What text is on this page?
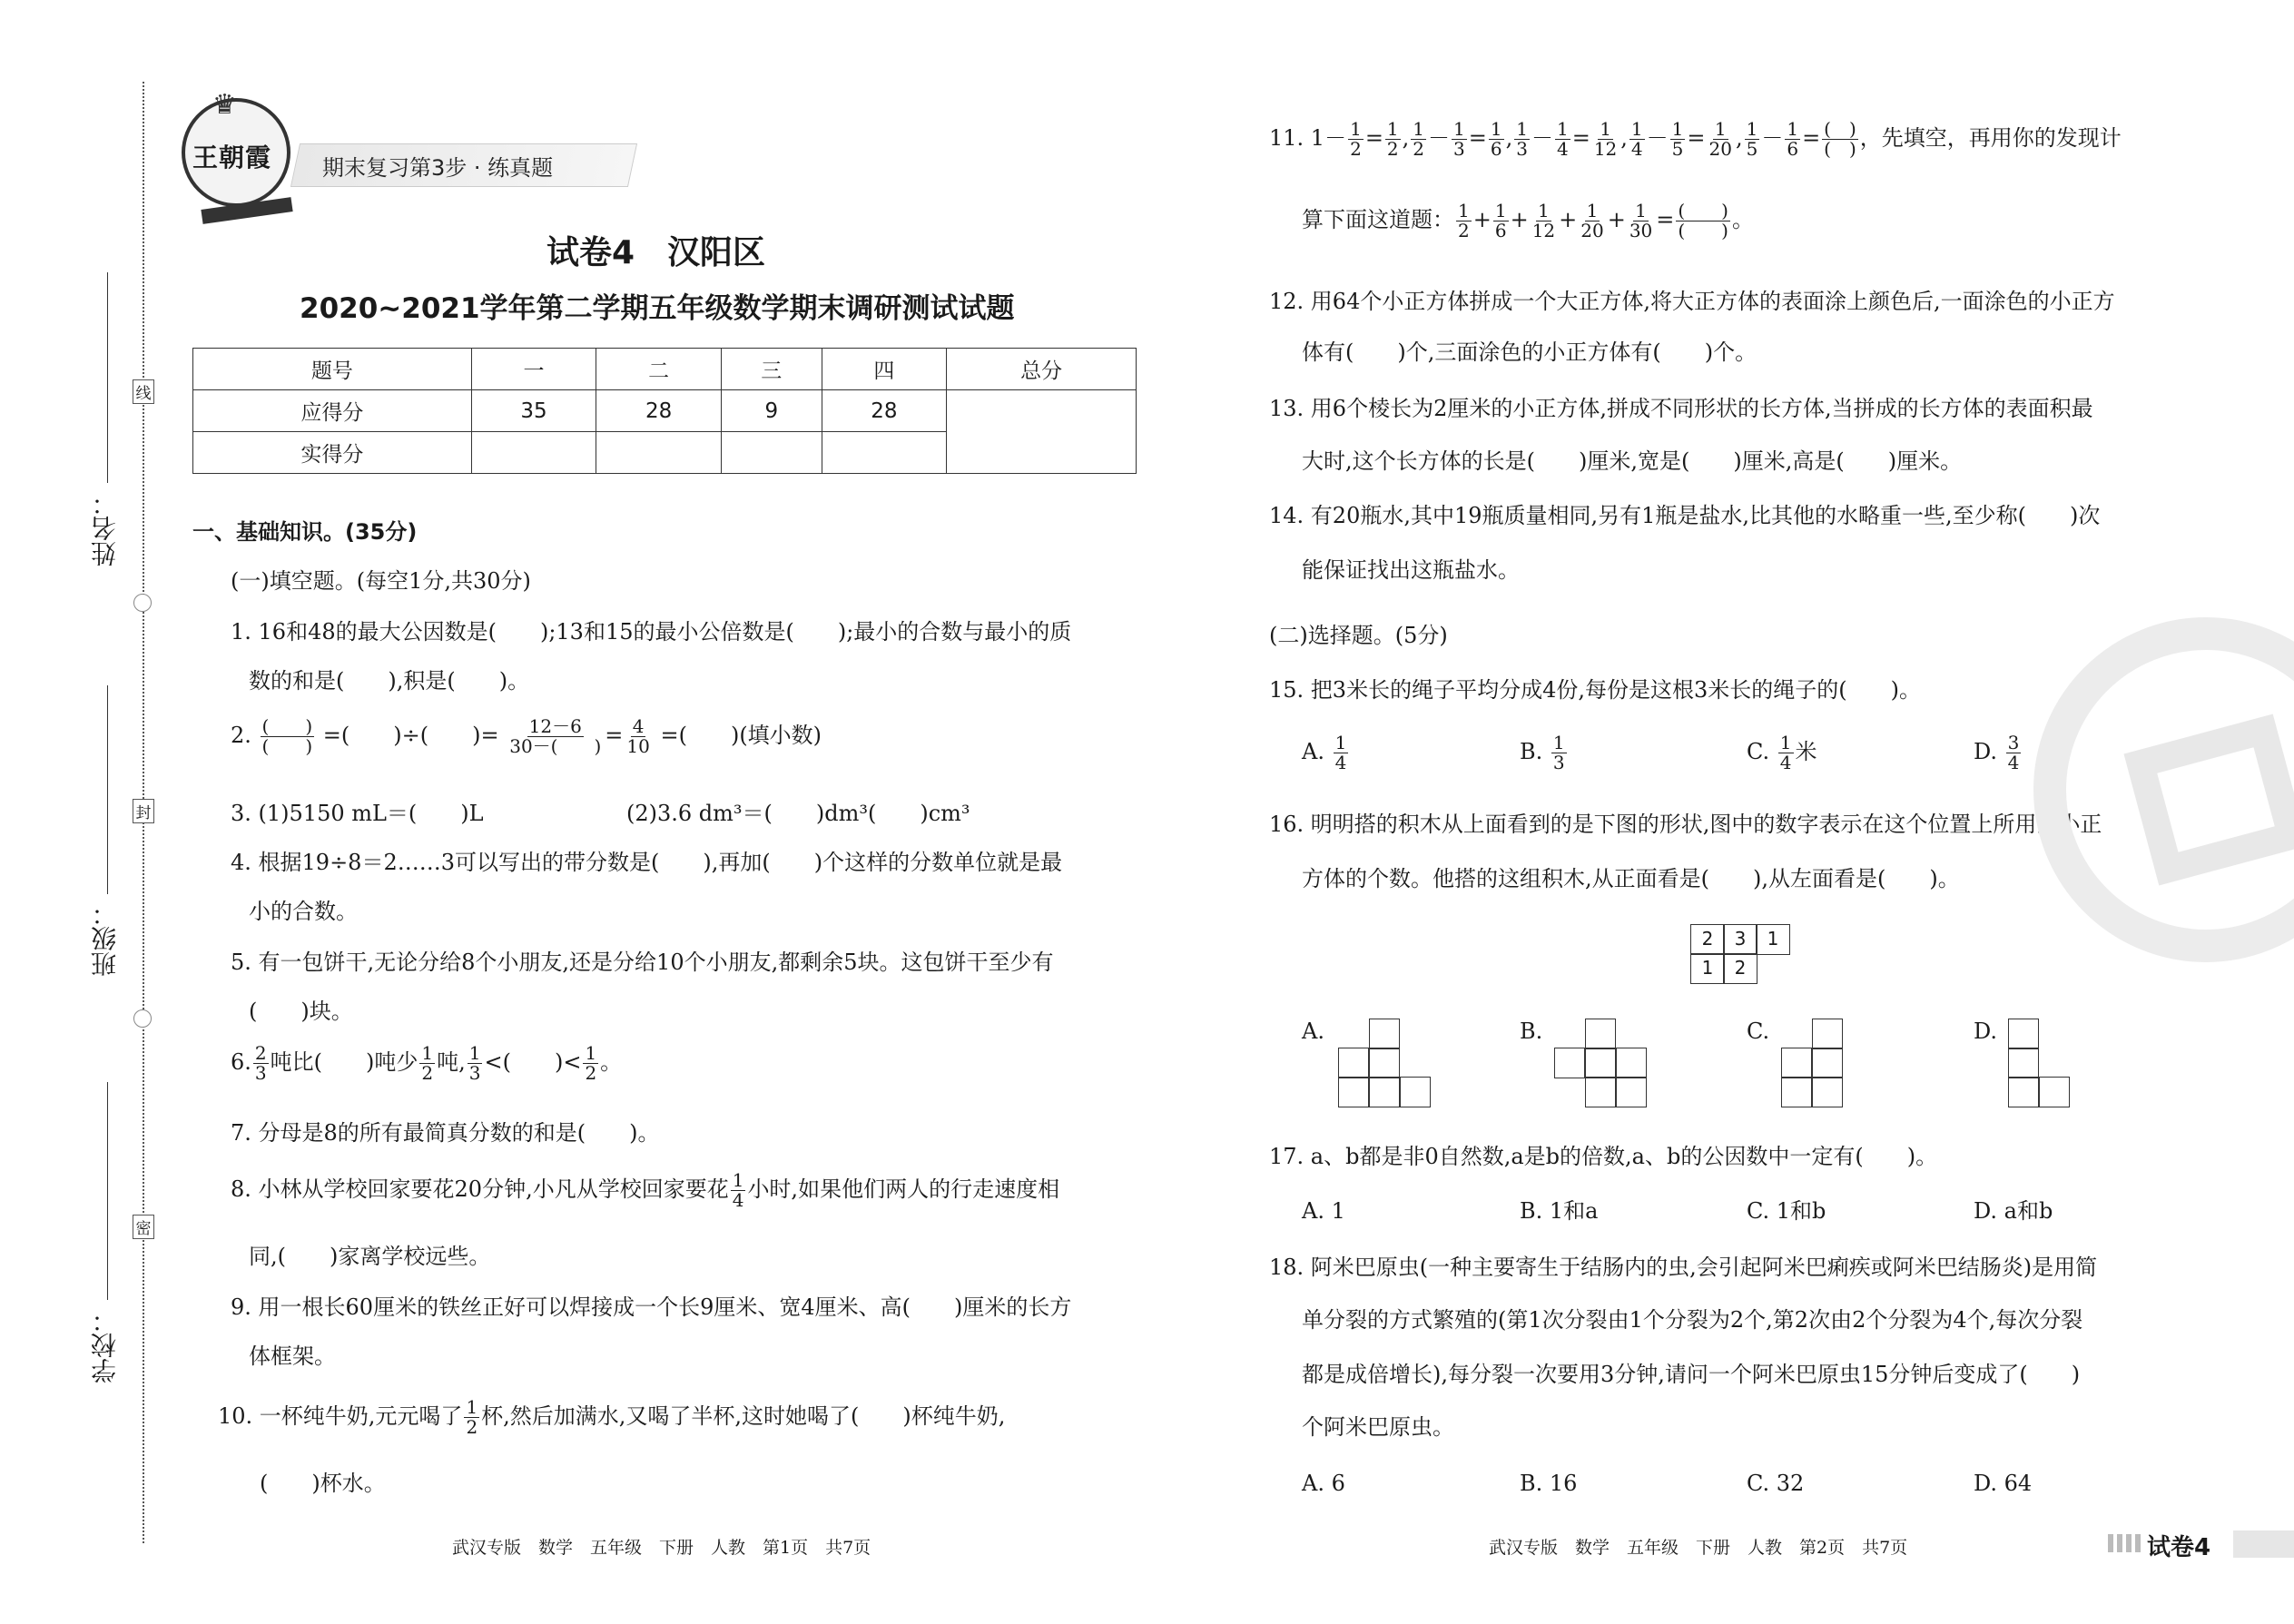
线
封
密
姓名：
班级：
学校：
♛
王朝霞 期末复习第3步 · 练真题
试卷4　汉阳区
2020~2021学年第二学期五年级数学期末调研测试试题
题号	一	二	三	四	总分
应得分	35	28	9	28	
实得分					
一、基础知识。(35分)
(一)填空题。(每空1分,共30分)
1. 16和48的最大公因数是(　　);13和15的最小公倍数是(　　);最小的合数与最小的质
数的和是(　　),积是(　　)。
2. $\frac{( )}{( )}$ =(　　)÷(　　)= $\frac{12-6}{30-( )} = \frac{4}{10}$ =(　　)(填小数)
3. (1)5150 mL＝(　　)L	(2)3.6 dm³＝(　　)dm³(　　)cm³
4. 根据19÷8＝2……3可以写出的带分数是(　　),再加(　　)个这样的分数单位就是最
小的合数。
5. 有一包饼干,无论分给8个小朋友,还是分给10个小朋友,都剩余5块。这包饼干至少有
(　　)块。
6. $\frac{2}{3}$ 吨比(　　)吨少 $\frac{1}{2}$ 吨, $\frac{1}{3}$ <(　　)< $\frac{1}{2}$ 。
7. 分母是8的所有最简真分数的和是(　　)。
8. 小林从学校回家要花20分钟,小凡从学校回家要花 $\frac{1}{4}$ 小时,如果他们两人的行走速度相
同,(　　)家离学校远些。
9. 用一根长60厘米的铁丝正好可以焊接成一个长9厘米、宽4厘米、高(　　)厘米的长方
体框架。
10. 一杯纯牛奶,元元喝了 $\frac{1}{2}$ 杯,然后加满水,又喝了半杯,这时她喝了(　　)杯纯牛奶,
(　　)杯水。
武汉专版　数学　五年级　下册　人教　第1页　共7页
11. $1- \frac{1}{2} = \frac{1}{2}$ , $\frac{1}{2} - \frac{1}{3} = \frac{1}{6}$ , $\frac{1}{3} - \frac{1}{4} = \frac{1}{12}$ , $\frac{1}{4} - \frac{1}{5} = \frac{1}{20}$ , $\frac{1}{5} - \frac{1}{6} = \frac{( )}{( )}$ ，先填空，再用你的发现计
算下面这道题： $\frac{1}{2} + \frac{1}{6} + \frac{1}{12} + \frac{1}{20} + \frac{1}{30} = \frac{( )}{( )}$ 。
12. 用64个小正方体拼成一个大正方体,将大正方体的表面涂上颜色后,一面涂色的小正方
体有(　　)个,三面涂色的小正方体有(　　)个。
13. 用6个棱长为2厘米的小正方体,拼成不同形状的长方体,当拼成的长方体的表面积最
大时,这个长方体的长是(　　)厘米,宽是(　　)厘米,高是(　　)厘米。
14. 有20瓶水,其中19瓶质量相同,另有1瓶是盐水,比其他的水略重一些,至少称(　　)次
能保证找出这瓶盐水。
(二)选择题。(5分)
15. 把3米长的绳子平均分成4份,每份是这根3米长的绳子的(　　)。
A. $\frac{1}{4}$	B. $\frac{1}{3}$	C. $\frac{1}{4}$ 米	D. $\frac{3}{4}$
16. 明明搭的积木从上面看到的是下图的形状,图中的数字表示在这个位置上所用的小正
方体的个数。他搭的这组积木,从正面看是(　　),从左面看是(　　)。
2	3	1
1	2
A.	B.	C.	D.
17. a、b都是非0自然数,a是b的倍数,a、b的公因数中一定有(　　)。
A. 1	B. 1和a	C. 1和b	D. a和b
18. 阿米巴原虫(一种主要寄生于结肠内的虫,会引起阿米巴痢疾或阿米巴结肠炎)是用简
单分裂的方式繁殖的(第1次分裂由1个分裂为2个,第2次由2个分裂为4个,每次分裂
都是成倍增长),每分裂一次要用3分钟,请问一个阿米巴原虫15分钟后变成了(　　)
个阿米巴原虫。
A. 6	B. 16	C. 32	D. 64
武汉专版　数学　五年级　下册　人教　第2页　共7页	试卷4
